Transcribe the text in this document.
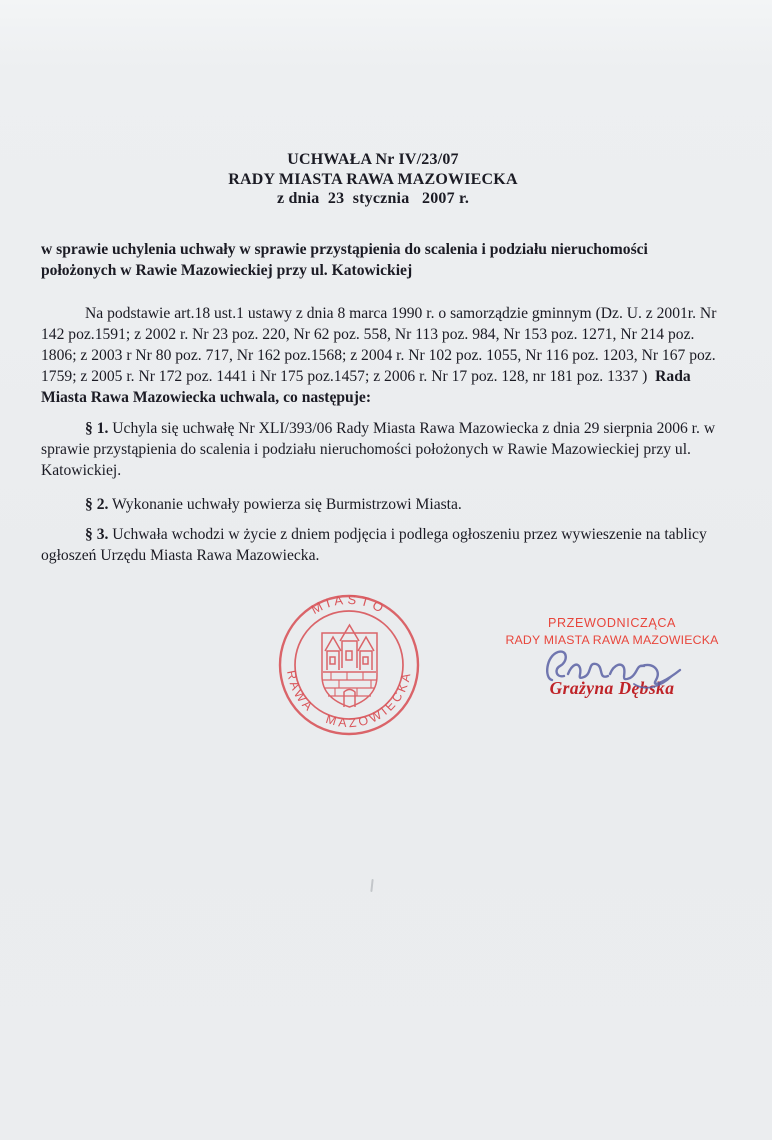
UCHWAŁA Nr IV/23/07
RADY MIASTA RAWA MAZOWIECKA
z dnia  23  stycznia   2007 r.
w sprawie uchylenia uchwały w sprawie przystąpienia do scalenia i podziału nieruchomości położonych w Rawie Mazowieckiej przy ul. Katowickiej
Na podstawie art.18 ust.1 ustawy z dnia 8 marca 1990 r. o samorządzie gminnym (Dz. U. z 2001r. Nr 142 poz.1591; z 2002 r. Nr 23 poz. 220, Nr 62 poz. 558, Nr 113 poz. 984, Nr 153 poz. 1271, Nr 214 poz. 1806; z 2003 r Nr 80 poz. 717, Nr 162 poz.1568; z 2004 r. Nr 102 poz. 1055, Nr 116 poz. 1203, Nr 167 poz. 1759; z 2005 r. Nr 172 poz. 1441 i Nr 175 poz.1457; z 2006 r. Nr 17 poz. 128, nr 181 poz. 1337 )  Rada Miasta Rawa Mazowiecka uchwala, co następuje:
§ 1. Uchyla się uchwałę Nr XLI/393/06 Rady Miasta Rawa Mazowiecka z dnia 29 sierpnia 2006 r. w sprawie przystąpienia do scalenia i podziału nieruchomości położonych w Rawie Mazowieckiej przy ul. Katowickiej.
§ 2. Wykonanie uchwały powierza się Burmistrzowi Miasta.
§ 3. Uchwała wchodzi w życie z dniem podjęcia i podlega ogłoszeniu przez wywieszenie na tablicy ogłoszeń Urzędu Miasta Rawa Mazowiecka.
MIASTO
RAWA MAZOWIECKA
PRZEWODNICZĄCA
RADY MIASTA RAWA MAZOWIECKA
Grażyna Dębska
